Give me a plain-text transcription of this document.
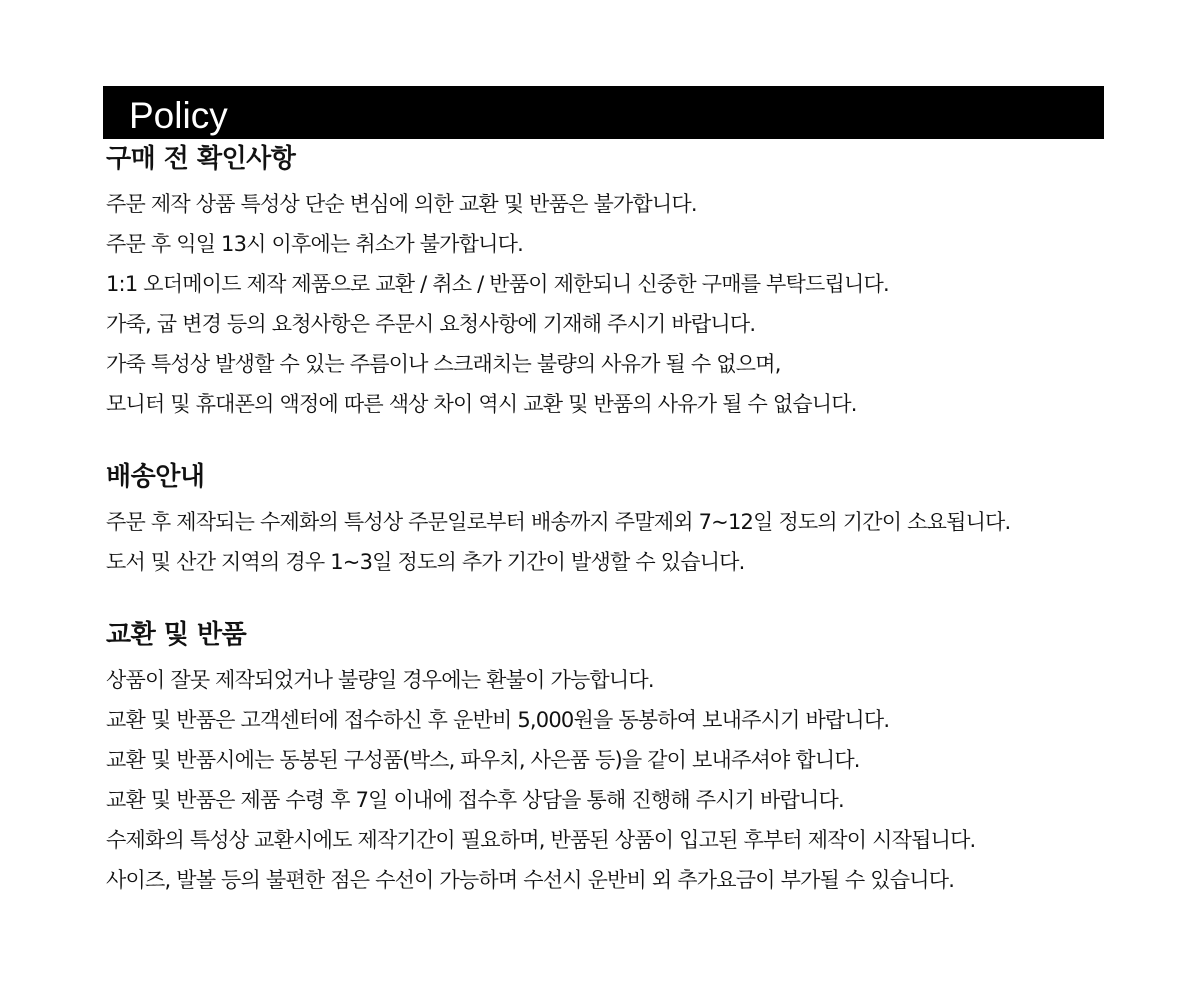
Policy
구매 전 확인사항
주문 제작 상품 특성상 단순 변심에 의한 교환 및 반품은 불가합니다.
주문 후 익일 13시 이후에는 취소가 불가합니다.
1:1 오더메이드 제작 제품으로 교환 / 취소 / 반품이 제한되니 신중한 구매를 부탁드립니다.
가죽, 굽 변경 등의 요청사항은 주문시 요청사항에 기재해 주시기 바랍니다.
가죽 특성상 발생할 수 있는 주름이나 스크래치는 불량의 사유가 될 수 없으며,
모니터 및 휴대폰의 액정에 따른 색상 차이 역시 교환 및 반품의 사유가 될 수 없습니다.
배송안내
주문 후 제작되는 수제화의 특성상 주문일로부터 배송까지 주말제외 7~12일 정도의 기간이 소요됩니다.
도서 및 산간 지역의 경우 1~3일 정도의 추가 기간이 발생할 수 있습니다.
교환 및 반품
상품이 잘못 제작되었거나 불량일 경우에는 환불이 가능합니다.
교환 및 반품은 고객센터에 접수하신 후 운반비 5,000원을 동봉하여 보내주시기 바랍니다.
교환 및 반품시에는 동봉된 구성품(박스, 파우치, 사은품 등)을 같이 보내주셔야 합니다.
교환 및 반품은 제품 수령 후 7일 이내에 접수후 상담을 통해 진행해 주시기 바랍니다.
수제화의 특성상 교환시에도 제작기간이 필요하며, 반품된 상품이 입고된 후부터 제작이 시작됩니다.
사이즈, 발볼 등의 불편한 점은 수선이 가능하며 수선시 운반비 외 추가요금이 부가될 수 있습니다.
